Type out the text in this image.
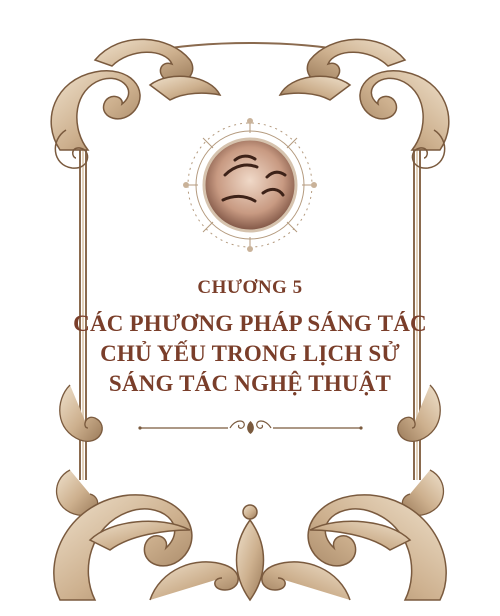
CHƯƠNG 5
CÁC PHƯƠNG PHÁP SÁNG TÁC
CHỦ YẾU TRONG LỊCH SỬ
SÁNG TÁC NGHỆ THUẬT
